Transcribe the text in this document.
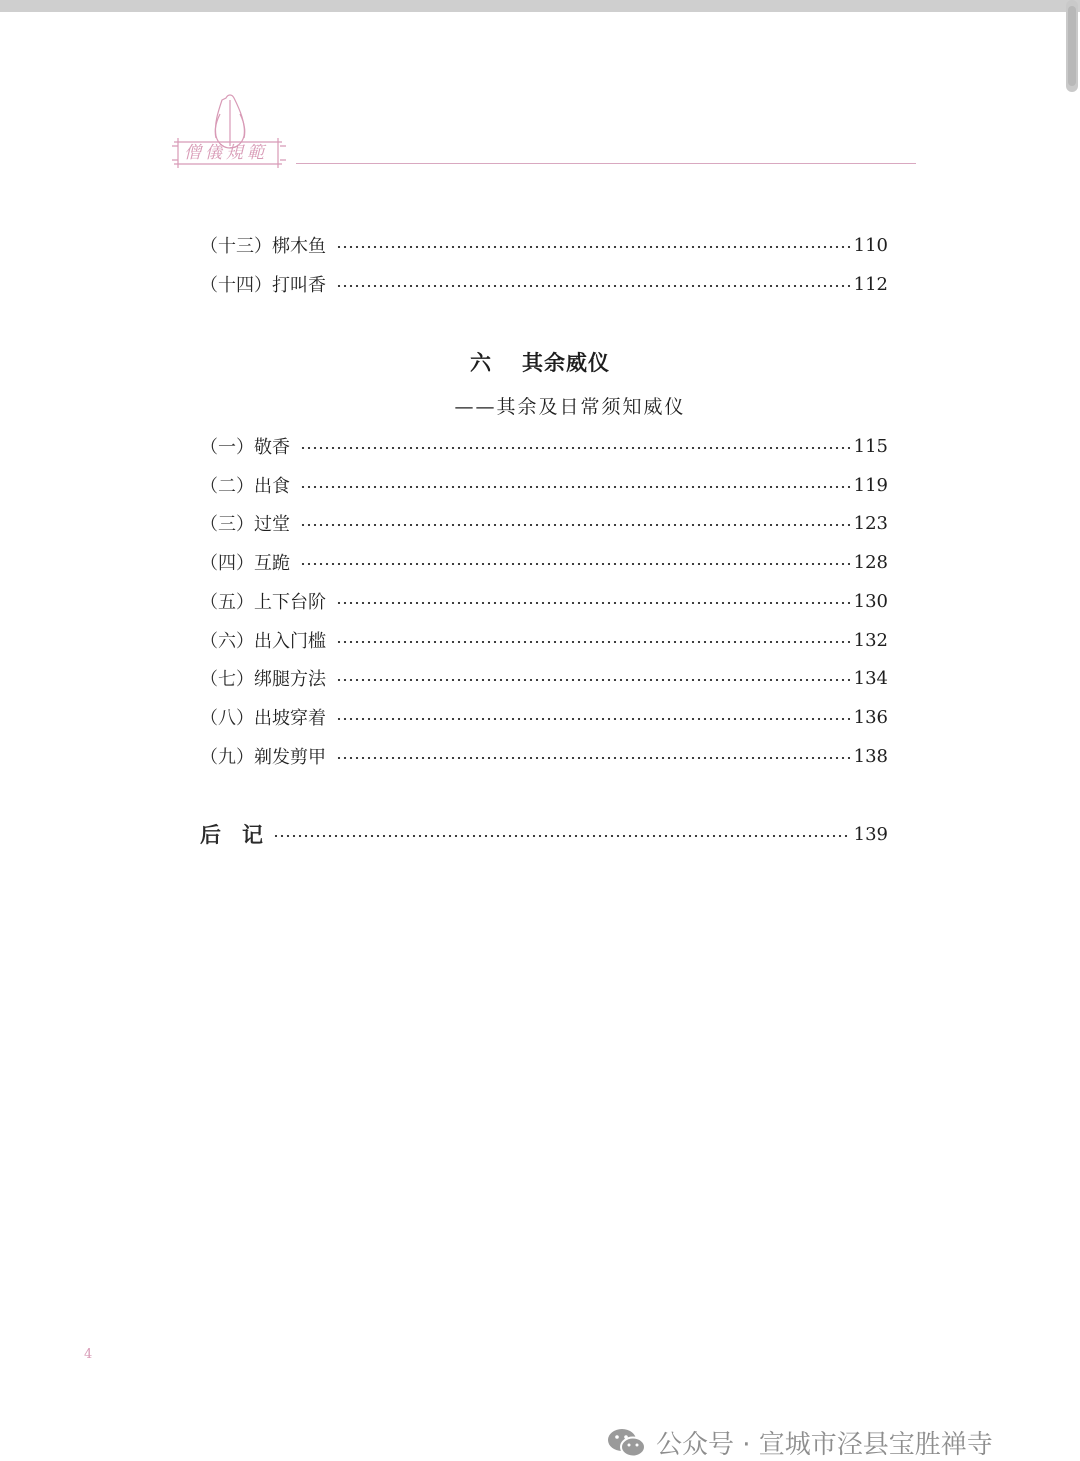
僧儀規範
（十三） 梆木鱼	110
（十四） 打叫香	112
六 其余威仪
——其余及日常须知威仪
（一） 敬香	115
（二） 出食	119
（三） 过堂	123
（四） 互跪	128
（五） 上下台阶	130
（六） 出入门槛	132
（七） 绑腿方法	134
（八） 出坡穿着	136
（九） 剃发剪甲	138
后　记	139
4
公众号 · 宣城市泾县宝胜禅寺
